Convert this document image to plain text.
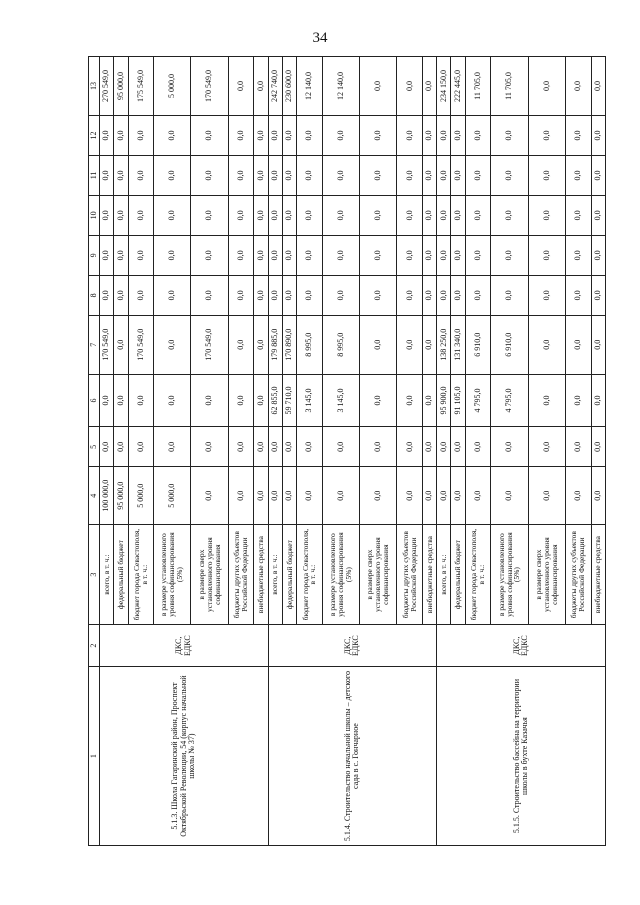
34
1	2	3	4	5	6	7	8	9	10	11	12	13
5.1.3. Школа Гагаринский район, Проспект Октябрьской Революции, 54 (корпус начальной школы № 37)	ДКС, ЕДКС	всего, в т. ч.:	100 000,0	0,0	0,0	170 549,0	0,0	0,0	0,0	0,0	0,0	270 549,0
		федеральный бюджет	95 000,0	0,0	0,0	0,0	0,0	0,0	0,0	0,0	0,0	95 000,0
		бюджет города Севастополя, в т. ч.:	5 000,0	0,0	0,0	170 549,0	0,0	0,0	0,0	0,0	0,0	175 549,0
		в размере установленного уровня софинансирования (5%)	5 000,0	0,0	0,0	0,0	0,0	0,0	0,0	0,0	0,0	5 000,0
		в размере сверх установленного уровня софинансирования	0,0	0,0	0,0	170 549,0	0,0	0,0	0,0	0,0	0,0	170 549,0
		бюджеты других субъектов Российской Федерации	0,0	0,0	0,0	0,0	0,0	0,0	0,0	0,0	0,0	0,0
		внебюджетные средства	0,0	0,0	0,0	0,0	0,0	0,0	0,0	0,0	0,0	0,0
5.1.4. Строительство начальной школы – детского сада в с. Гончарное	ДКС, ЕДКС	всего, в т. ч.:	0,0	0,0	62 855,0	179 885,0	0,0	0,0	0,0	0,0	0,0	242 740,0
		федеральный бюджет	0,0	0,0	59 710,0	170 890,0	0,0	0,0	0,0	0,0	0,0	230 600,0
		бюджет города Севастополя, в т. ч.:	0,0	0,0	3 145,0	8 995,0	0,0	0,0	0,0	0,0	0,0	12 140,0
		в размере установленного уровня софинансирования (5%)	0,0	0,0	3 145,0	8 995,0	0,0	0,0	0,0	0,0	0,0	12 140,0
		в размере сверх установленного уровня софинансирования	0,0	0,0	0,0	0,0	0,0	0,0	0,0	0,0	0,0	0,0
		бюджеты других субъектов Российской Федерации	0,0	0,0	0,0	0,0	0,0	0,0	0,0	0,0	0,0	0,0
		внебюджетные средства	0,0	0,0	0,0	0,0	0,0	0,0	0,0	0,0	0,0	0,0
5.1.5. Строительство бассейна на территории школы в бухте Казачья	ДКС, ЕДКС	всего, в т. ч.:	0,0	0,0	95 900,0	138 250,0	0,0	0,0	0,0	0,0	0,0	234 150,0
		федеральный бюджет	0,0	0,0	91 105,0	131 340,0	0,0	0,0	0,0	0,0	0,0	222 445,0
		бюджет города Севастополя, в т. ч.:	0,0	0,0	4 795,0	6 910,0	0,0	0,0	0,0	0,0	0,0	11 705,0
		в размере установленного уровня софинансирования (5%)	0,0	0,0	4 795,0	6 910,0	0,0	0,0	0,0	0,0	0,0	11 705,0
		в размере сверх установленного уровня софинансирования	0,0	0,0	0,0	0,0	0,0	0,0	0,0	0,0	0,0	0,0
		бюджеты других субъектов Российской Федерации	0,0	0,0	0,0	0,0	0,0	0,0	0,0	0,0	0,0	0,0
		внебюджетные средства	0,0	0,0	0,0	0,0	0,0	0,0	0,0	0,0	0,0	0,0
